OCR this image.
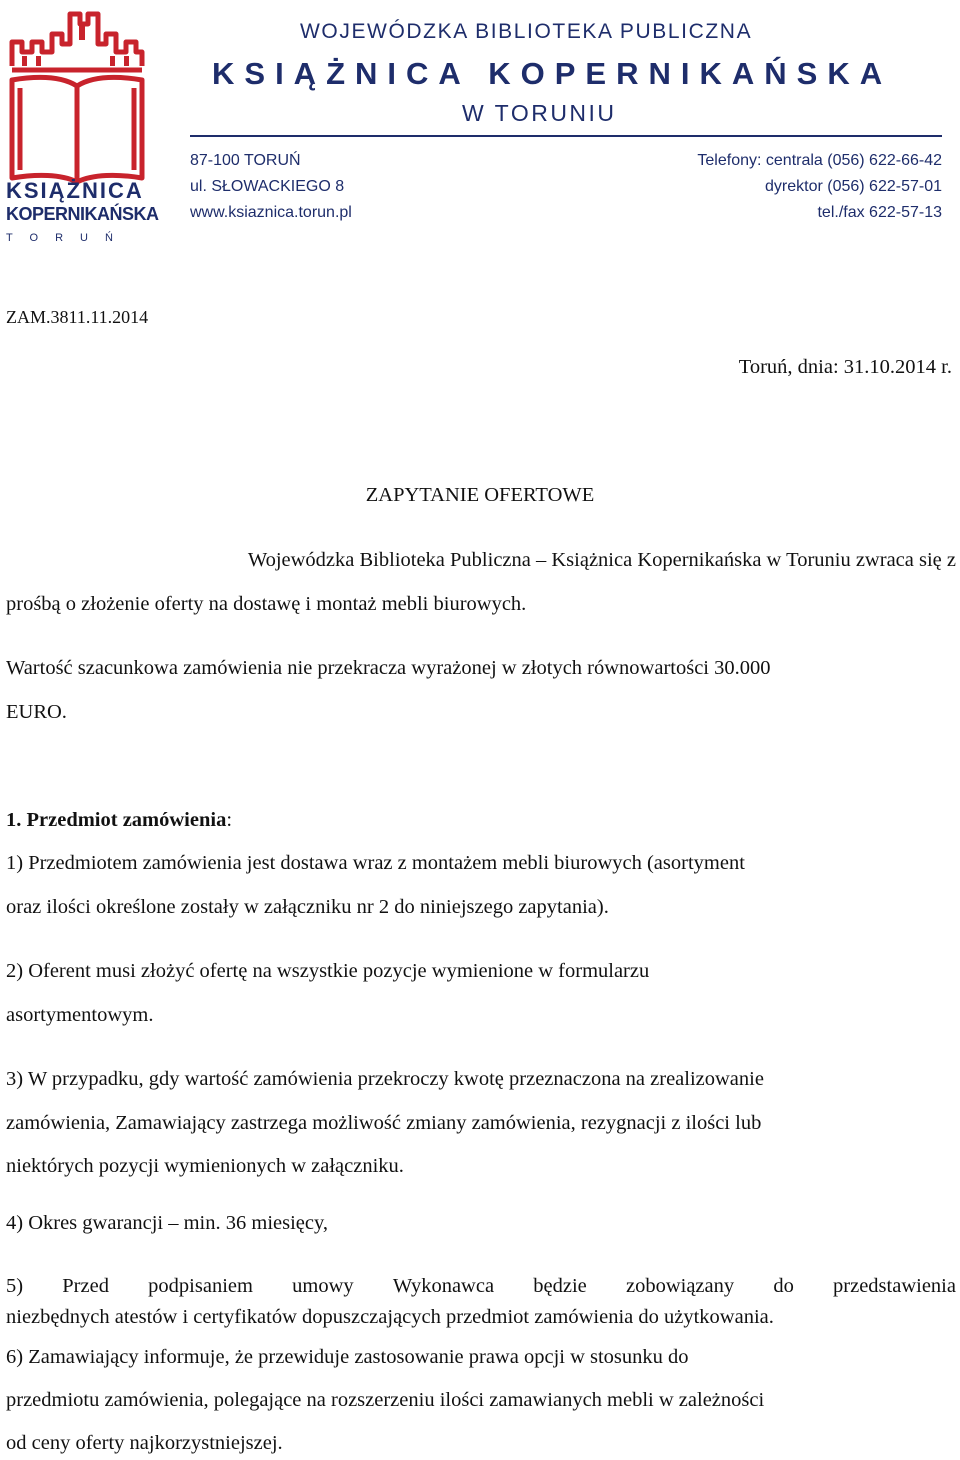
KSIĄŻNICA
KOPERNIKAŃSKA
TORUŃ
WOJEWÓDZKA BIBLIOTEKA PUBLICZNA
KSIĄŻNICA KOPERNIKAŃSKA
W TORUNIU
87-100 TORUŃ
ul. SŁOWACKIEGO 8
www.ksiaznica.torun.pl
Telefony: centrala (056) 622-66-42
dyrektor (056) 622-57-01
tel./fax 622-57-13
ZAM.3811.11.2014
Toruń, dnia: 31.10.2014 r.
ZAPYTANIE OFERTOWE
Wojewódzka Biblioteka Publiczna – Książnica Kopernikańska w Toruniu zwraca się z
prośbą o złożenie oferty na dostawę i montaż mebli biurowych.
Wartość szacunkowa zamówienia nie przekracza wyrażonej w złotych równowartości 30.000
EURO.
1. Przedmiot zamówienia:
1) Przedmiotem zamówienia jest dostawa wraz z montażem mebli biurowych (asortyment
oraz ilości określone zostały w załączniku nr 2 do niniejszego zapytania).
2) Oferent musi złożyć ofertę na wszystkie pozycje wymienione w formularzu
asortymentowym.
3) W przypadku, gdy wartość zamówienia przekroczy kwotę przeznaczona na zrealizowanie
zamówienia, Zamawiający zastrzega możliwość zmiany zamówienia, rezygnacji z ilości lub
niektórych pozycji wymienionych w załączniku.
4) Okres gwarancji – min. 36 miesięcy,
5) Przed podpisaniem umowy Wykonawca będzie zobowiązany do przedstawienia
niezbędnych atestów i certyfikatów dopuszczających przedmiot zamówienia do użytkowania.
6) Zamawiający informuje, że przewiduje zastosowanie prawa opcji w stosunku do
przedmiotu zamówienia, polegające na rozszerzeniu ilości zamawianych mebli w zależności
od ceny oferty najkorzystniejszej.
